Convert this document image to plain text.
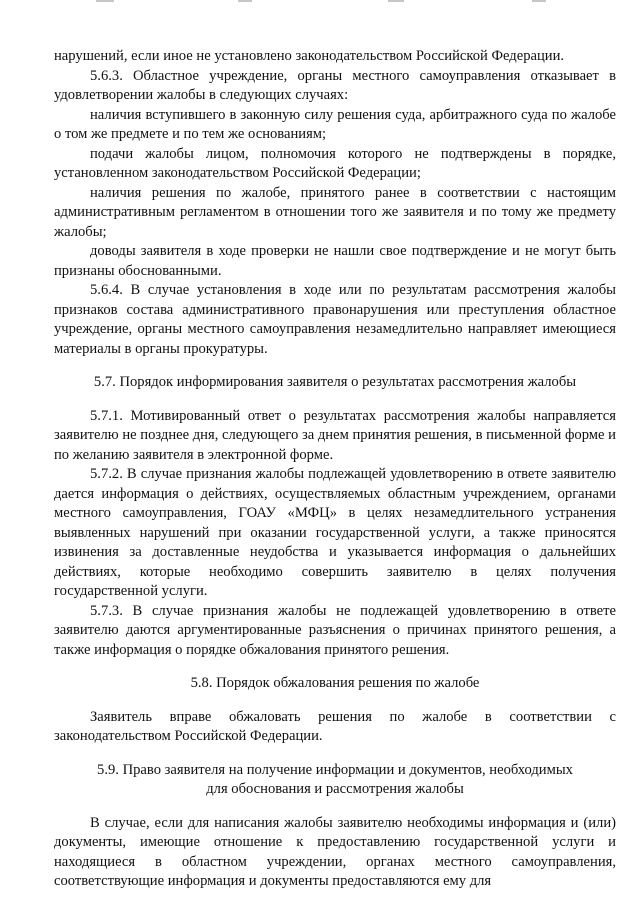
нарушений, если иное не установлено законодательством Российской Федерации.

5.6.3. Областное учреждение, органы местного самоуправления отказывает в удовлетворении жалобы в следующих случаях:

наличия вступившего в законную силу решения суда, арбитражного суда по жалобе о том же предмете и по тем же основаниям;

подачи жалобы лицом, полномочия которого не подтверждены в порядке, установленном законодательством Российской Федерации;

наличия решения по жалобе, принятого ранее в соответствии с настоящим административным регламентом в отношении того же заявителя и по тому же предмету жалобы;

доводы заявителя в ходе проверки не нашли свое подтверждение и не могут быть признаны обоснованными.

5.6.4. В случае установления в ходе или по результатам рассмотрения жалобы признаков состава административного правонарушения или преступления областное учреждение, органы местного самоуправления незамедлительно направляет имеющиеся материалы в органы прокуратуры.

5.7. Порядок информирования заявителя о результатах рассмотрения жалобы

5.7.1. Мотивированный ответ о результатах рассмотрения жалобы направляется заявителю не позднее дня, следующего за днем принятия решения, в письменной форме и по желанию заявителя в электронной форме.

5.7.2. В случае признания жалобы подлежащей удовлетворению в ответе заявителю дается информация о действиях, осуществляемых областным учреждением, органами местного самоуправления, ГОАУ «МФЦ» в целях незамедлительного устранения выявленных нарушений при оказании государственной услуги, а также приносятся извинения за доставленные неудобства и указывается информация о дальнейших действиях, которые необходимо совершить заявителю в целях получения государственной услуги.

5.7.3. В случае признания жалобы не подлежащей удовлетворению в ответе заявителю даются аргументированные разъяснения о причинах принятого решения, а также информация о порядке обжалования принятого решения.

5.8. Порядок обжалования решения по жалобе

Заявитель вправе обжаловать решения по жалобе в соответствии с законодательством Российской Федерации.

5.9. Право заявителя на получение информации и документов, необходимых

для обоснования и рассмотрения жалобы

В случае, если для написания жалобы заявителю необходимы информация и (или) документы, имеющие отношение к предоставлению государственной услуги и находящиеся в областном учреждении, органах местного самоуправления, соответствующие информация и документы предоставляются ему для
